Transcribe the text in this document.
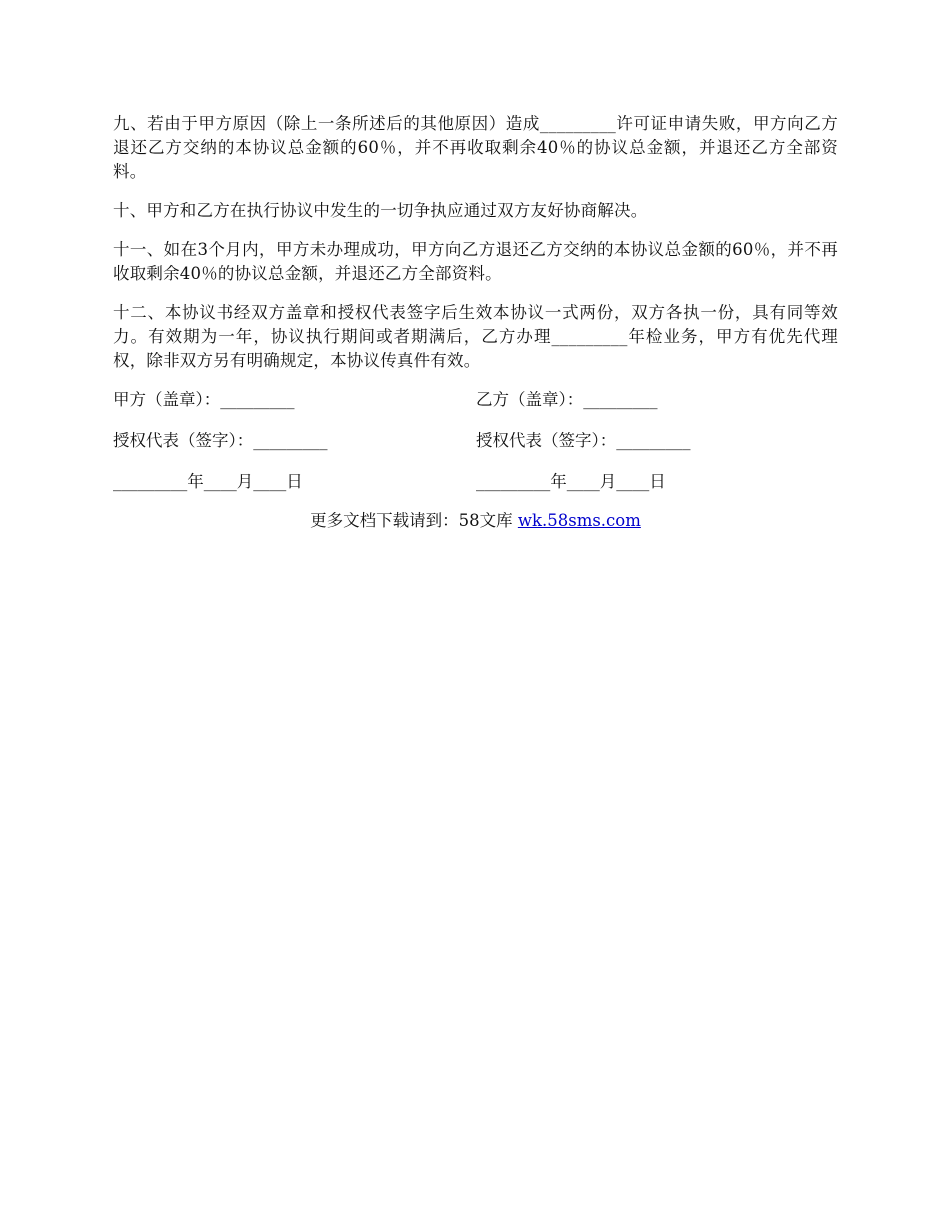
九、若由于甲方原因（除上一条所述后的其他原因）造成_________许可证申请失败，甲方向乙方退还乙方交纳的本协议总金额的60％，并不再收取剩余40％的协议总金额，并退还乙方全部资料。

十、甲方和乙方在执行协议中发生的一切争执应通过双方友好协商解决。

十一、如在3个月内，甲方未办理成功，甲方向乙方退还乙方交纳的本协议总金额的60％，并不再收取剩余40％的协议总金额，并退还乙方全部资料。

十二、本协议书经双方盖章和授权代表签字后生效本协议一式两份，双方各执一份，具有同等效力。有效期为一年，协议执行期间或者期满后，乙方办理_________年检业务，甲方有优先代理权，除非双方另有明确规定，本协议传真件有效。

甲方（盖章）：_________	乙方（盖章）：_________
授权代表（签字）：_________	授权代表（签字）：_________
_________年____月____日	_________年____月____日
更多文档下载请到：58文库 wk.58sms.com
